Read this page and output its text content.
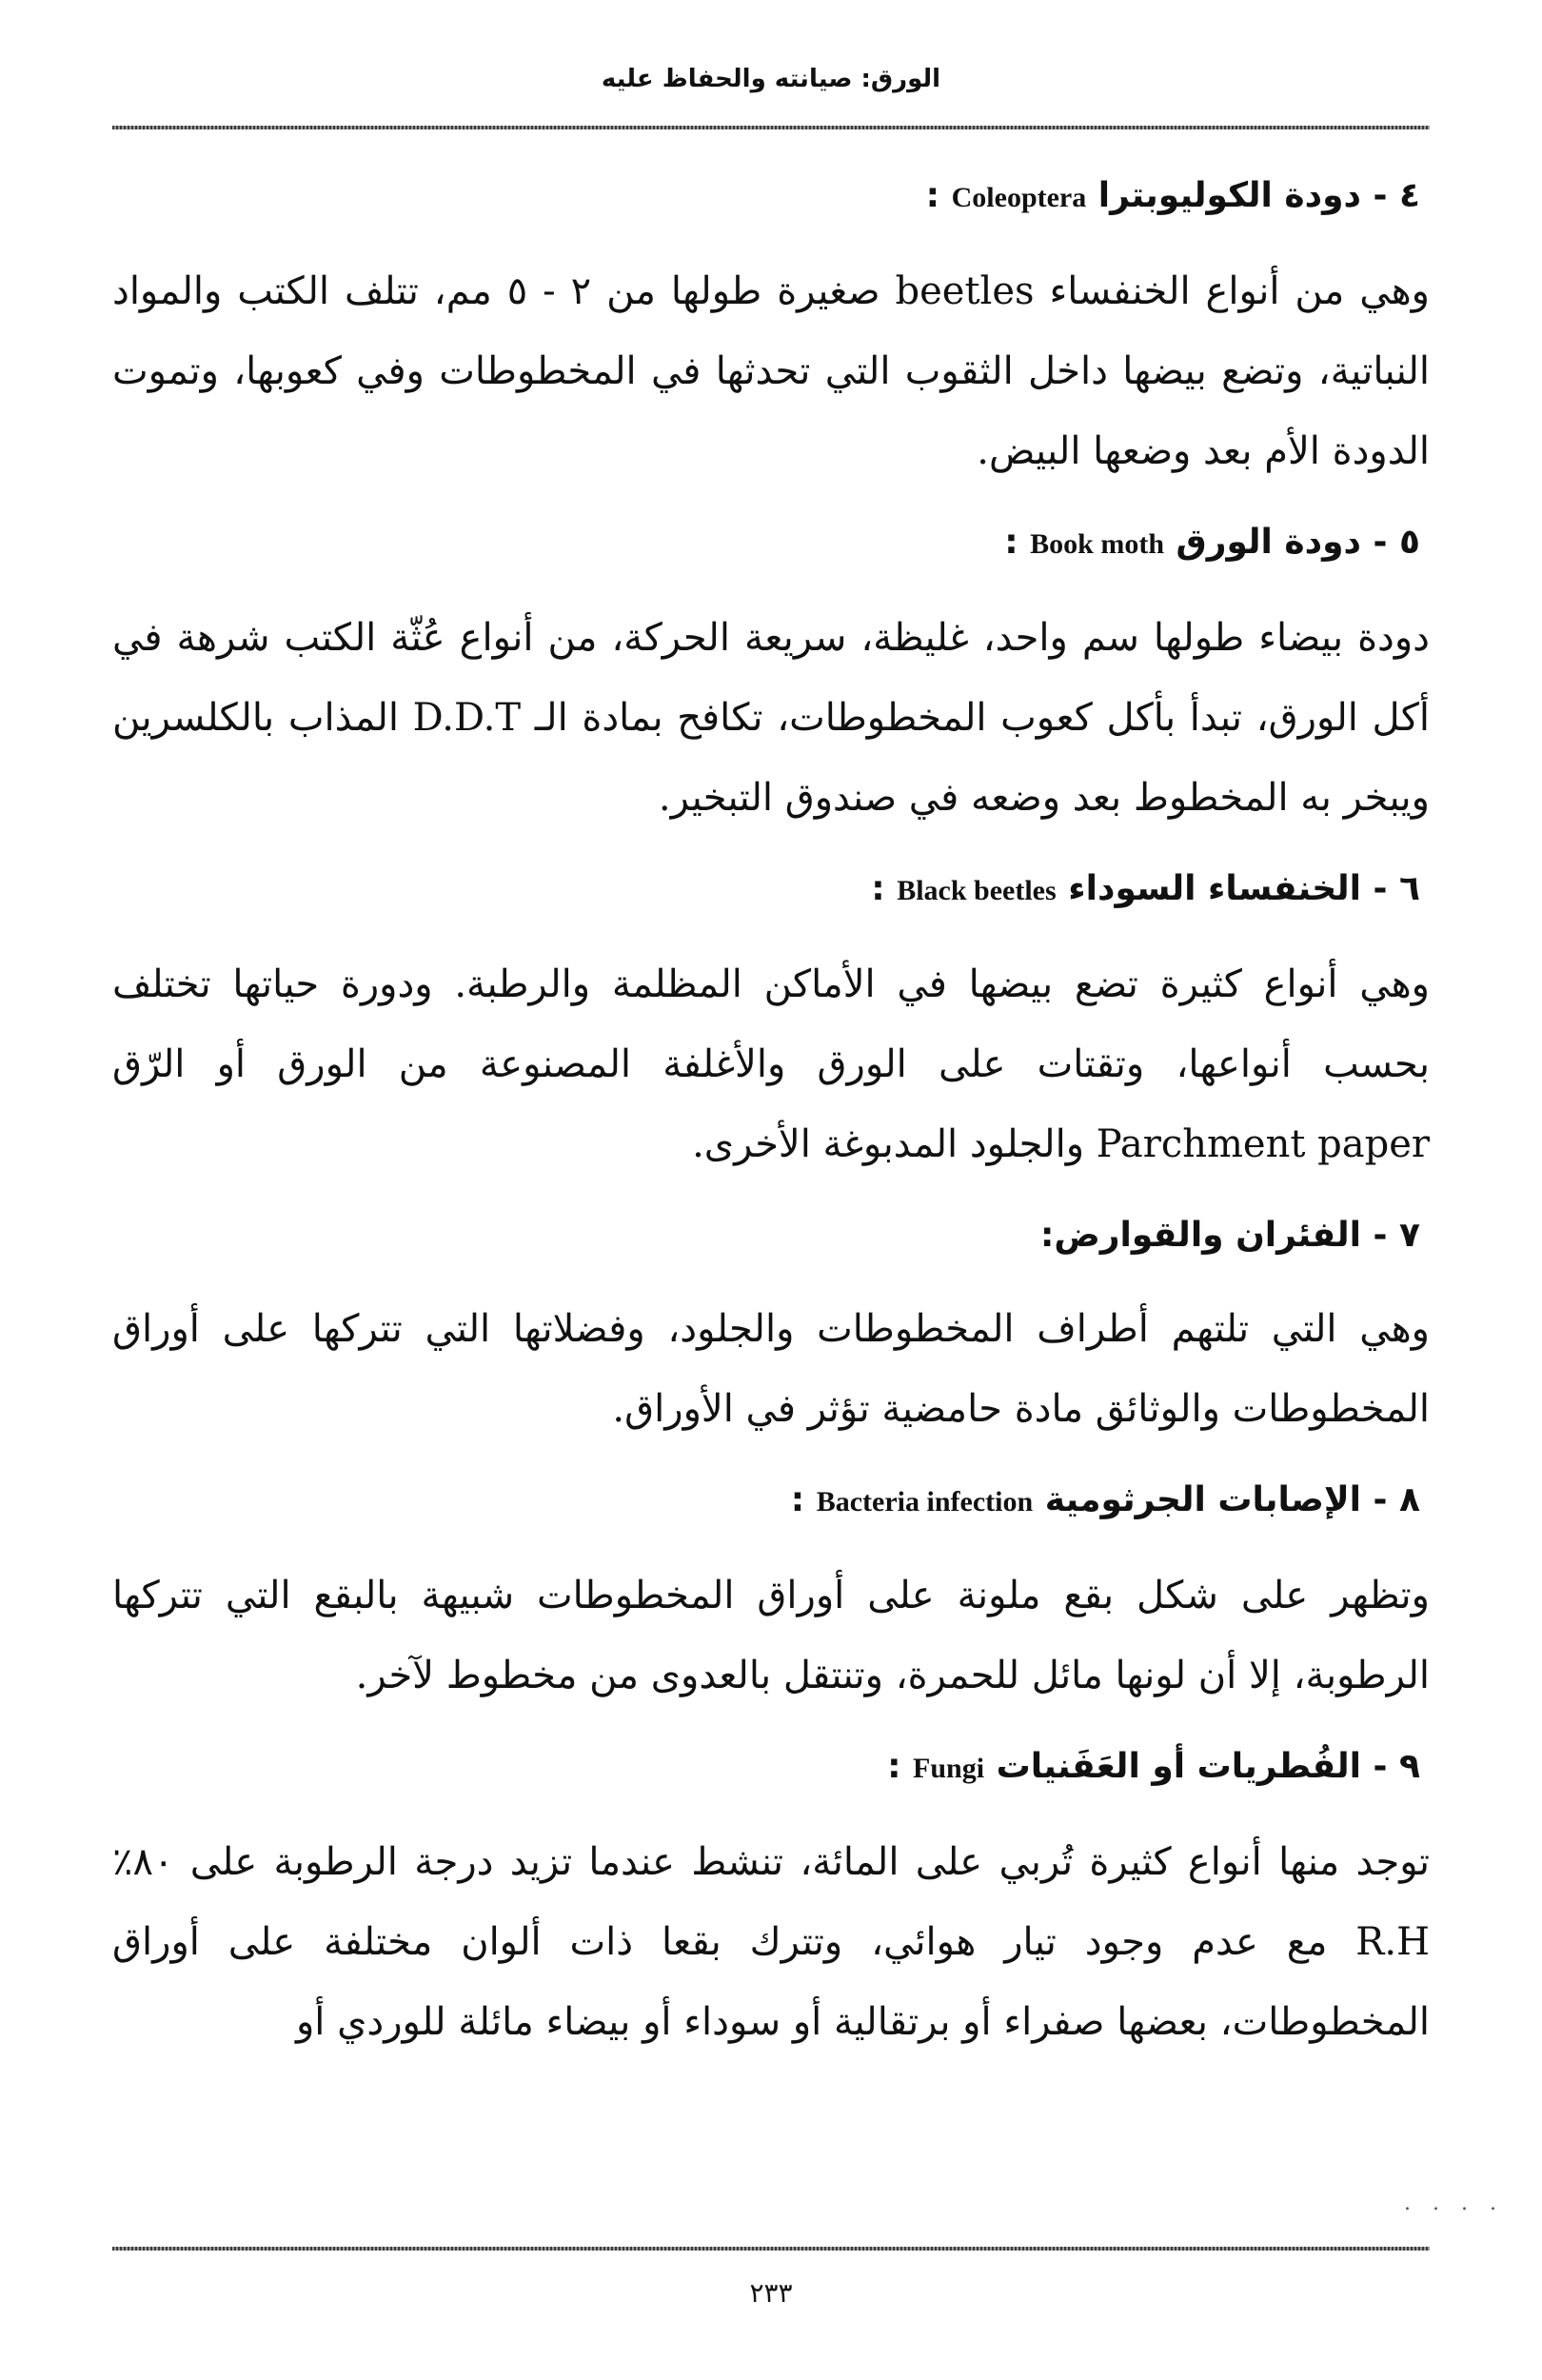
الورق: صيانته والحفاظ عليه
٤ - دودة الكوليوبترا Coleoptera :

وهي من أنواع الخنفساء beetles صغيرة طولها من ٢ - ٥ مم، تتلف الكتب والمواد النباتية، وتضع بيضها داخل الثقوب التي تحدثها في المخطوطات وفي كعوبها، وتموت الدودة الأم بعد وضعها البيض.

٥ - دودة الورق Book moth :

دودة بيضاء طولها سم واحد، غليظة، سريعة الحركة، من أنواع عُثّة الكتب شرهة في أكل الورق، تبدأ بأكل كعوب المخطوطات، تكافح بمادة الـ D.D.T المذاب بالكلسرين ويبخر به المخطوط بعد وضعه في صندوق التبخير.

٦ - الخنفساء السوداء Black beetles :

وهي أنواع كثيرة تضع بيضها في الأماكن المظلمة والرطبة. ودورة حياتها تختلف بحسب أنواعها، وتقتات على الورق والأغلفة المصنوعة من الورق أو الرّق Parchment paper والجلود المدبوغة الأخرى.

٧ - الفئران والقوارض:

وهي التي تلتهم أطراف المخطوطات والجلود، وفضلاتها التي تتركها على أوراق المخطوطات والوثائق مادة حامضية تؤثر في الأوراق.

٨ - الإصابات الجرثومية Bacteria infection :

وتظهر على شكل بقع ملونة على أوراق المخطوطات شبيهة بالبقع التي تتركها الرطوبة، إلا أن لونها مائل للحمرة، وتنتقل بالعدوى من مخطوط لآخر.

٩ - الفُطريات أو العَفَنيات Fungi :

توجد منها أنواع كثيرة تُربي على المائة، تنشط عندما تزيد درجة الرطوبة على ٨٠٪ R.H مع عدم وجود تيار هوائي، وتترك بقعا ذات ألوان مختلفة على أوراق المخطوطات، بعضها صفراء أو برتقالية أو سوداء أو بيضاء مائلة للوردي أو

. . . .
٢٣٣
